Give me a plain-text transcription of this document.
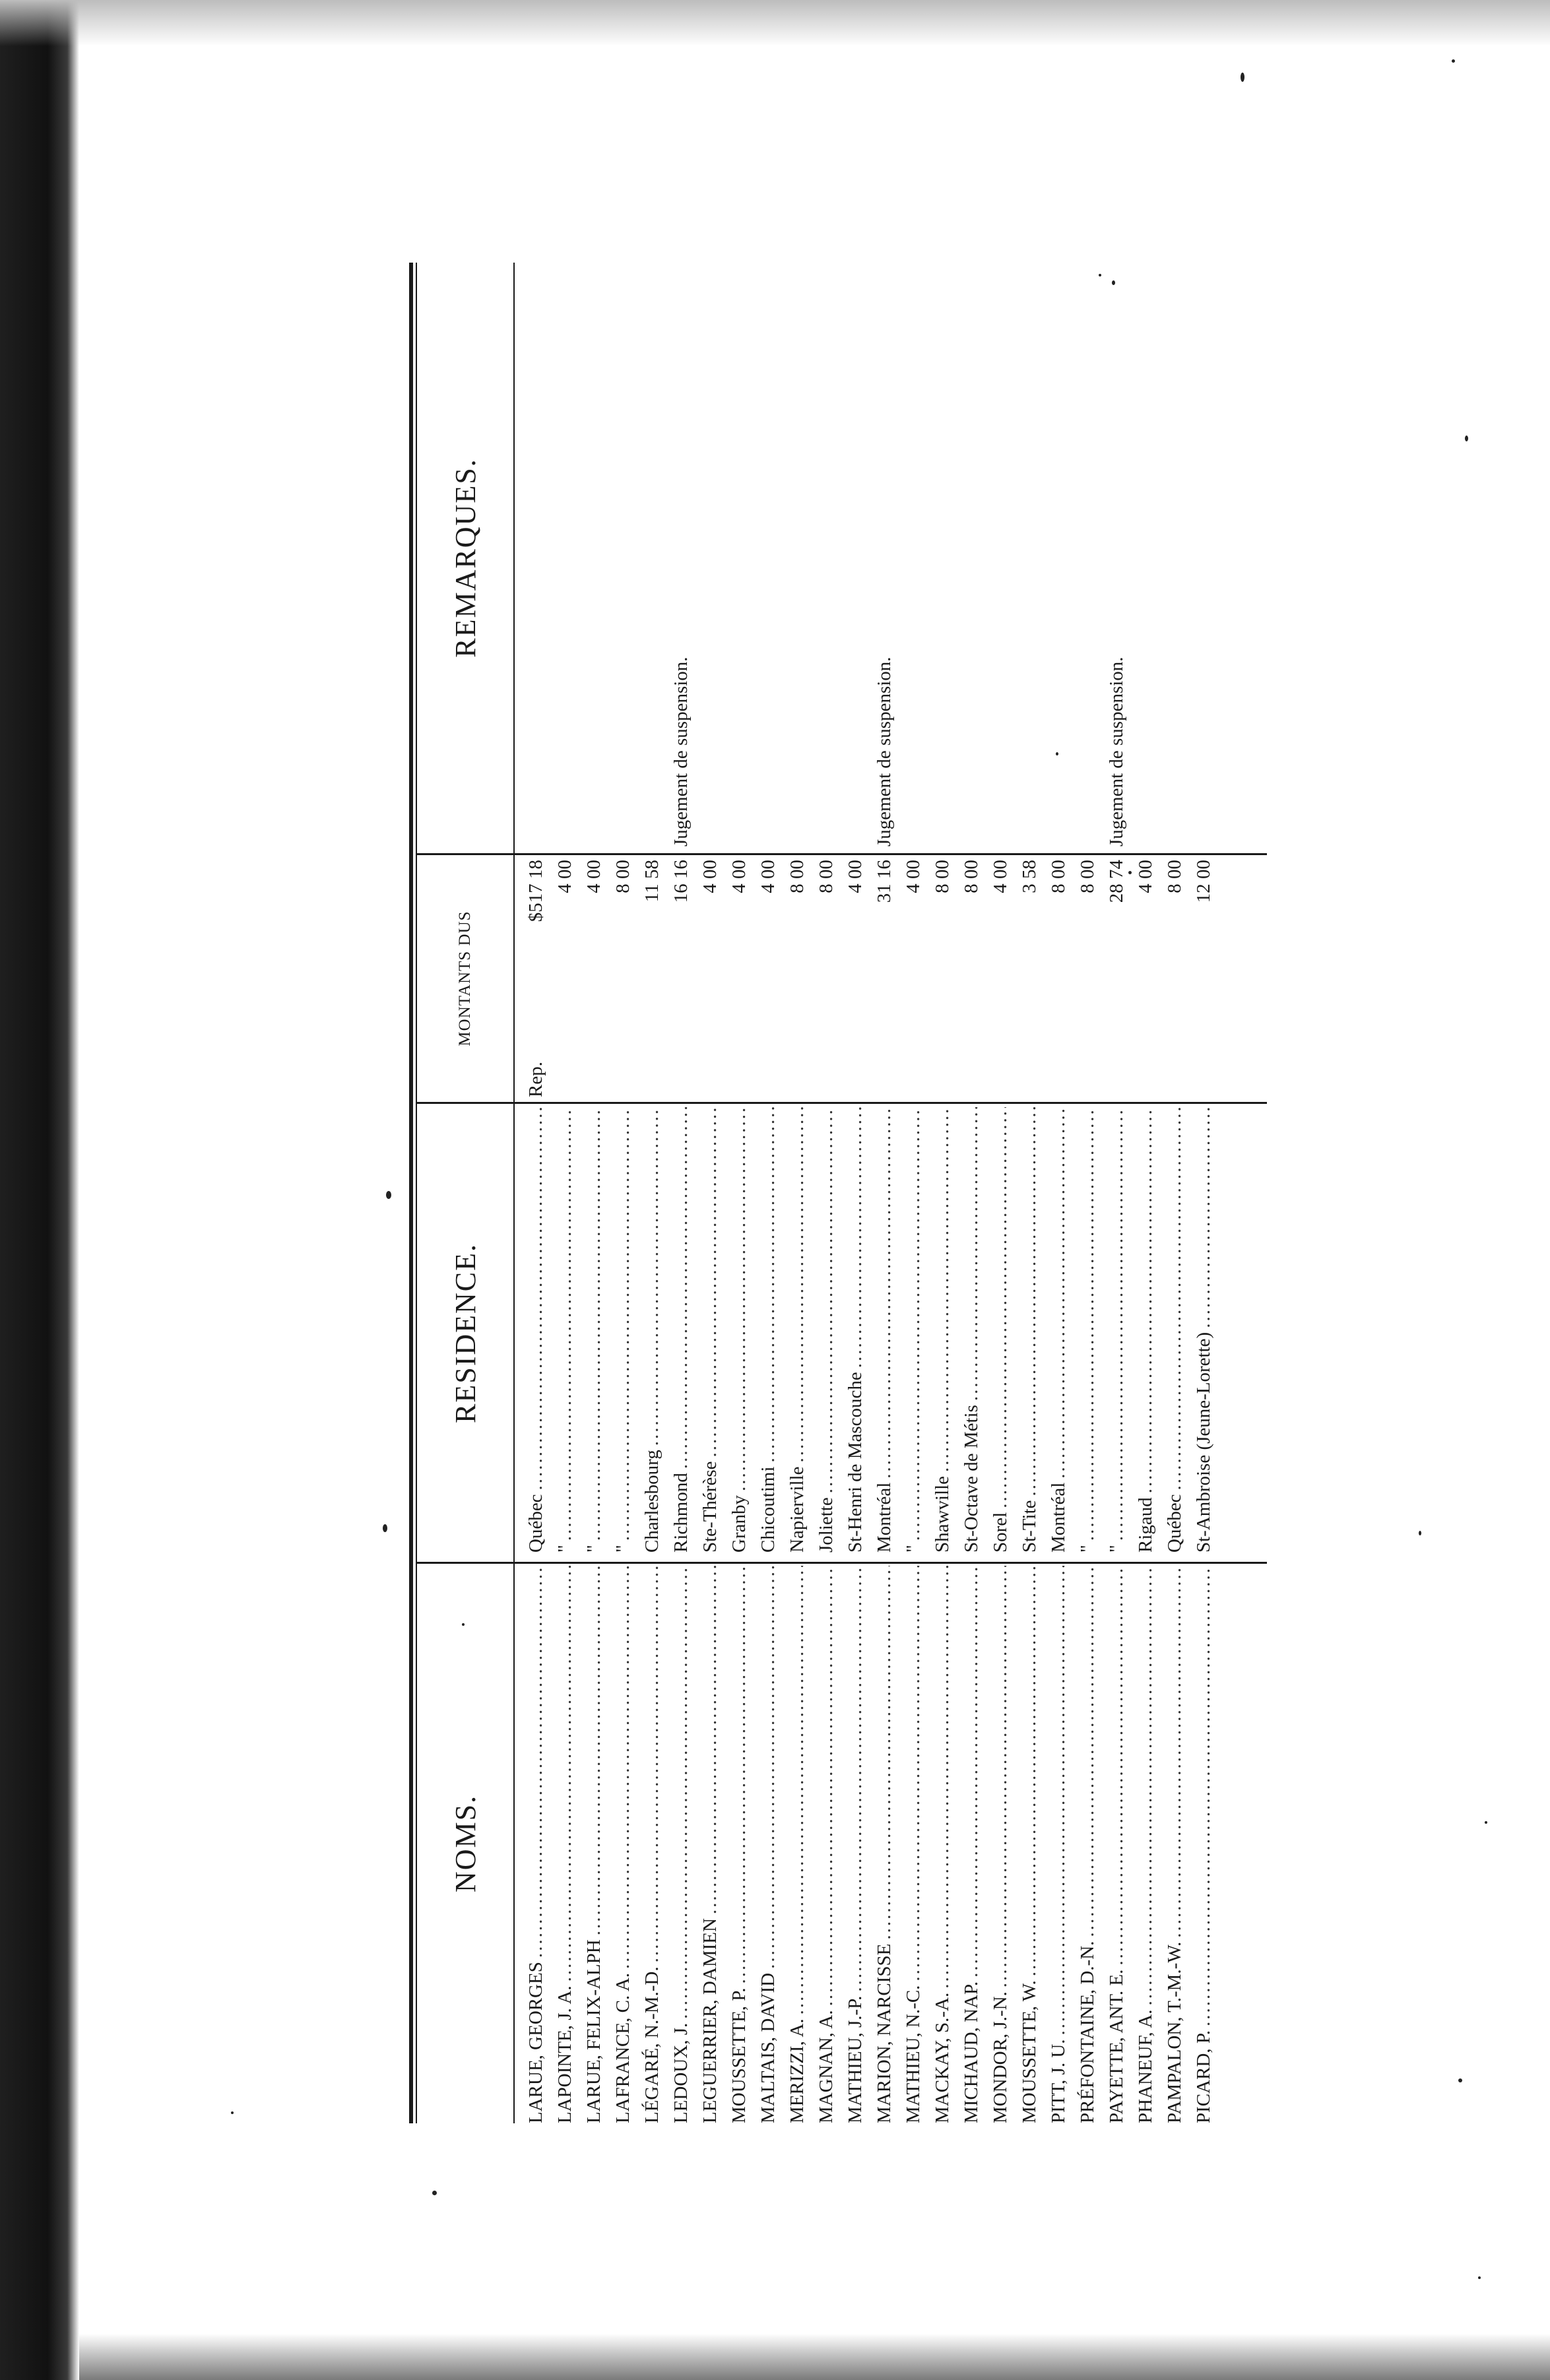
NOMS.
RESIDENCE.
MONTANTS DUS
REMARQUES.
LARUE, GEORGES
.....
Québec
.....
Rep.
$517 18
LAPOINTE, J. A.
.....
"
.....
4 00
LARUE, FELIX-ALPH
.....
"
.....
4 00
LAFRANCE, C. A.
.....
"
.....
8 00
LÉGARÉ, N.-M.-D.
.....
Charlesbourg
.....
11 58
LEDOUX, J.
.....
Richmond
.....
16 16
Jugement de suspension.
LEGUERRIER, DAMIEN
.....
Ste-Thérèse
.....
4 00
MOUSSETTE, P.
.....
Granby
.....
4 00
MALTAIS, DAVID
.....
Chicoutimi
.....
4 00
MERIZZI, A.
.....
Napierville
.....
8 00
MAGNAN, A.
.....
Joliette
.....
8 00
MATHIEU, J.-P.
.....
St-Henri de Mascouche
.....
4 00
MARION, NARCISSE
.....
Montréal
.....
31 16
Jugement de suspension.
MATHIEU, N.-C.
.....
"
.....
4 00
MACKAY, S.-A.
.....
Shawville
.....
8 00
MICHAUD, NAP.
.....
St-Octave de Métis
.....
8 00
MONDOR, J.-N.
.....
Sorel
.....
4 00
MOUSSETTE, W.
.....
St-Tite
.....
3 58
PITT, J. U.
.....
Montréal
.....
8 00
PRÉFONTAINE, D.-N.
.....
"
.....
8 00
PAYETTE, ANT. E.
.....
"
.....
28 74
Jugement de suspension.
PHANEUF, A.
.....
Rigaud
.....
4 00
PAMPALON, T.-M.-W.
.....
Québec
.....
8 00
PICARD, P.
.....
St-Ambroise (Jeune-Lorette)
.....
12 00
